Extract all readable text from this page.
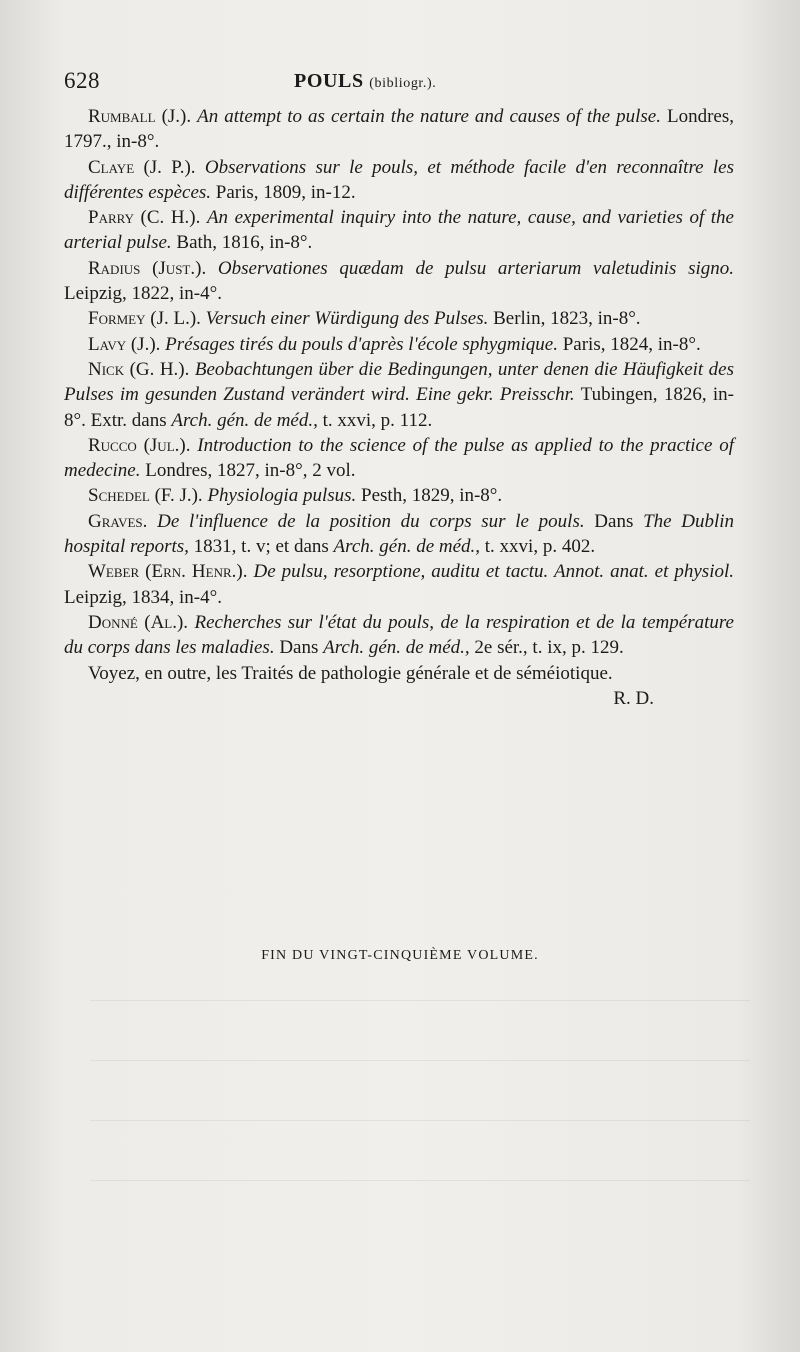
628	POULS (bibliogr.).

Rumball (J.). An attempt to as certain the nature and causes of the pulse. Londres, 1797., in-8°.

Claye (J. P.). Observations sur le pouls, et méthode facile d'en reconnaître les différentes espèces. Paris, 1809, in-12.

Parry (C. H.). An experimental inquiry into the nature, cause, and varieties of the arterial pulse. Bath, 1816, in-8°.

Radius (Just.). Observationes quædam de pulsu arteriarum valetudinis signo. Leipzig, 1822, in-4°.

Formey (J. L.). Versuch einer Würdigung des Pulses. Berlin, 1823, in-8°.

Lavy (J.). Présages tirés du pouls d'après l'école sphygmique. Paris, 1824, in-8°.

Nick (G. H.). Beobachtungen über die Bedingungen, unter denen die Häufigkeit des Pulses im gesunden Zustand verändert wird. Eine gekr. Preisschr. Tubingen, 1826, in-8°. Extr. dans Arch. gén. de méd., t. xxvi, p. 112.

Rucco (Jul.). Introduction to the science of the pulse as applied to the practice of medecine. Londres, 1827, in-8°, 2 vol.

Schedel (F. J.). Physiologia pulsus. Pesth, 1829, in-8°.

Graves. De l'influence de la position du corps sur le pouls. Dans The Dublin hospital reports, 1831, t. v; et dans Arch. gén. de méd., t. xxvi, p. 402.

Weber (Ern. Henr.). De pulsu, resorptione, auditu et tactu. Annot. anat. et physiol. Leipzig, 1834, in-4°.

Donné (Al.). Recherches sur l'état du pouls, de la respiration et de la température du corps dans les maladies. Dans Arch. gén. de méd., 2e sér., t. ix, p. 129.

Voyez, en outre, les Traités de pathologie générale et de séméiotique.
R. D.

FIN DU VINGT-CINQUIÈME VOLUME.
